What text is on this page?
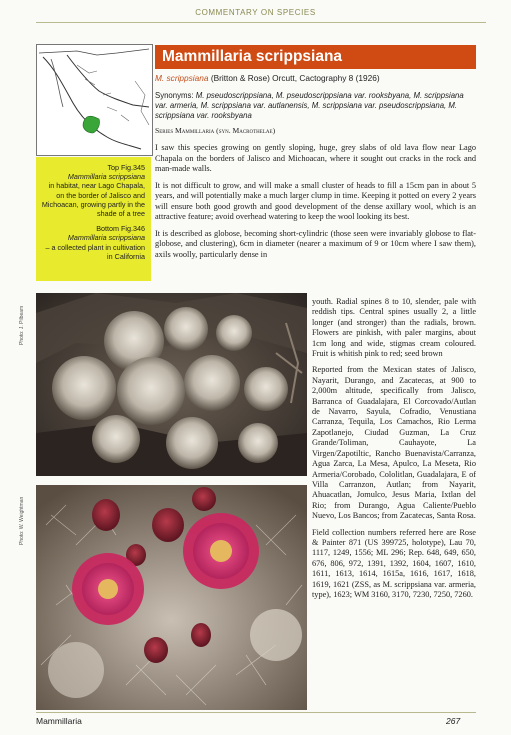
COMMENTARY ON SPECIES

Top Fig.345
Mammillaria scrippsiana
in habitat, near Lago Chapala, on the border of Jalisco and Michoacan, growing partly in the shade of a tree

Bottom Fig.346
Mammillaria scrippsiana
– a collected plant in cultivation in California

Mammillaria scrippsiana
M. scrippsiana (Britton & Rose) Orcutt, Cactography 8 (1926)
Synonyms: M. pseudoscrippsiana, M. pseudoscrippsiana var. rooksbyana, M. scrippsiana var. armeria, M. scrippsiana var. autlanensis, M. scrippsiana var. pseudoscrippsiana, M. scrippsiana var. rooksbyana
Series Mammillaria (syn. Macrothelae)

I saw this species growing on gently sloping, huge, grey slabs of old lava flow near Lago Chapala on the borders of Jalisco and Michoacan, where it sought out cracks in the rock and man-made walls.

It is not difficult to grow, and will make a small cluster of heads to fill a 15cm pan in about 5 years, and will potentially make a much larger clump in time. Keeping it potted on every 2 years will ensure both good growth and good development of the dense axillary wool, which is an attractive feature; avoid overhead watering to keep the wool looking its best.

It is described as globose, becoming short-cylindric (those seen were invariably globose to flat-globose, and clustering), 6cm in diameter (nearer a maximum of 9 or 10cm where I saw them), axils woolly, particularly dense in

Photo: J. Pilbeam
Photo: W. Weightman

youth. Radial spines 8 to 10, slender, pale with reddish tips. Central spines usually 2, a little longer (and stronger) than the radials, brown. Flowers are pinkish, with paler margins, about 1cm long and wide, stigmas cream coloured. Fruit is whitish pink to red; seed brown

Reported from the Mexican states of Jalisco, Nayarit, Durango, and Zacatecas, at 900 to 2,000m altitude, specifically from Jalisco, Barranca of Guadalajara, El Corcovado/Autlan de Navarro, Sayula, Cofradio, Venustiana Carranza, Tequila, Los Camachos, Rio Lerma Zapotlanejo, Ciudad Guzman, La Cruz Grande/Toliman, Cauhayote, La Virgen/Zapotiltic, Rancho Buenavista/Carranza, Agua Zarca, La Mesa, Apulco, La Meseta, Rio Armeria/Corobado, Cololitlan, Guadalajara, E of Villa Carranzon, Autlan; from Nayarit, Ahuacatlan, Jomulco, Jesus Maria, Ixtlan del Rio; from Durango, Agua Caliente/Pueblo Nuevo, Los Bancos; from Zacatecas, Santa Rosa.

Field collection numbers referred here are Rose & Painter 871 (US 399725, holotype), Lau 70, 1117, 1249, 1556; ML 296; Rep. 648, 649, 650, 676, 806, 972, 1391, 1392, 1604, 1607, 1610, 1611, 1613, 1614, 1615a, 1616, 1617, 1618, 1619, 1621 (ZSS, as M. scrippsiana var. armeria, type), 1623; WM 3160, 3170, 7230, 7250, 7260.

Mammillaria	267
